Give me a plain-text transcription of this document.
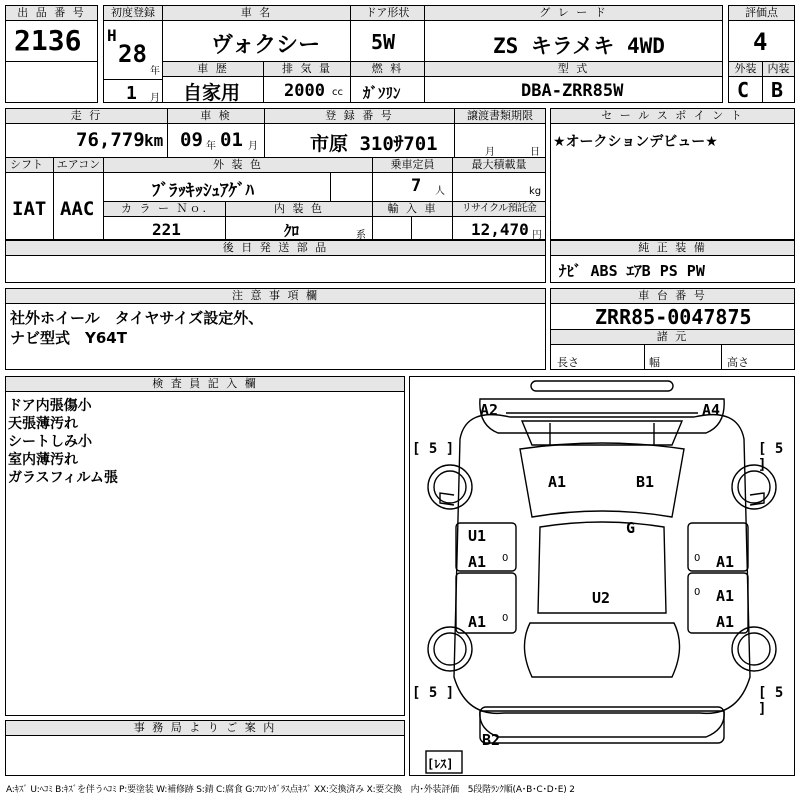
出 品 番 号
2136
初度登録
H
28
年
1 月
車 名
ヴォクシー
ドア形状
5W
グ レ ー ド
ZS キラメキ 4WD
評価点
4
車 歴
自家用
排 気 量
2000 cc
燃 料
ｶﾞｿﾘﾝ
型 式
DBA-ZRR85W
外装
C
内装
B
走 行
76,779 km
車 検
09 年 01 月
登 録 番 号
市原 310ｻ701
譲渡書類期限
月	日
セ ー ル ス ポ イ ン ト
★オークションデビュー★
シフト
IAT
エアコン
AAC
外 装 色
ﾌﾞﾗｯｷｯｼｭｱｹﾞﾊ
乗車定員
7 人
最大積載量
kg
カ ラ ー Ｎｏ.
221
内 装 色
ｸﾛ	系
輸 入 車	リサイクル預託金
12,470 円
後 日 発 送 部 品	純 正 装 備
ﾅﾋﾞ ABS ｴｱB PS PW
注 意 事 項 欄
社外ホイール　タイヤサイズ設定外、
ナビ型式　Y64T
車 台 番 号
ZRR85-0047875
諸 元
長さ	幅	高さ
検 査 員 記 入 欄
ドア内張傷小
天張薄汚れ
シートしみ小
室内薄汚れ
ガラスフィルム張
事 務 局 よ り ご 案 内
A2	A4
A1	B1
G
U1
A1	A1
A1
U2
A1	A1
B2
[ 5 ]	[ 5 ]
[ 5 ]	[ 5 ]
[ﾚｽ]
0
0
0
0
A:ｷｽﾞ U:ﾍｺﾐ B:ｷｽﾞを伴うﾍｺﾐ P:要塗装 W:補修跡 S:錆 C:腐食 G:ﾌﾛﾝﾄｶﾞﾗｽ点ｷｽﾞ XX:交換済み X:要交換　内･外装評価　5段階ﾗﾝｸ順(A･B･C･D･E) 2
